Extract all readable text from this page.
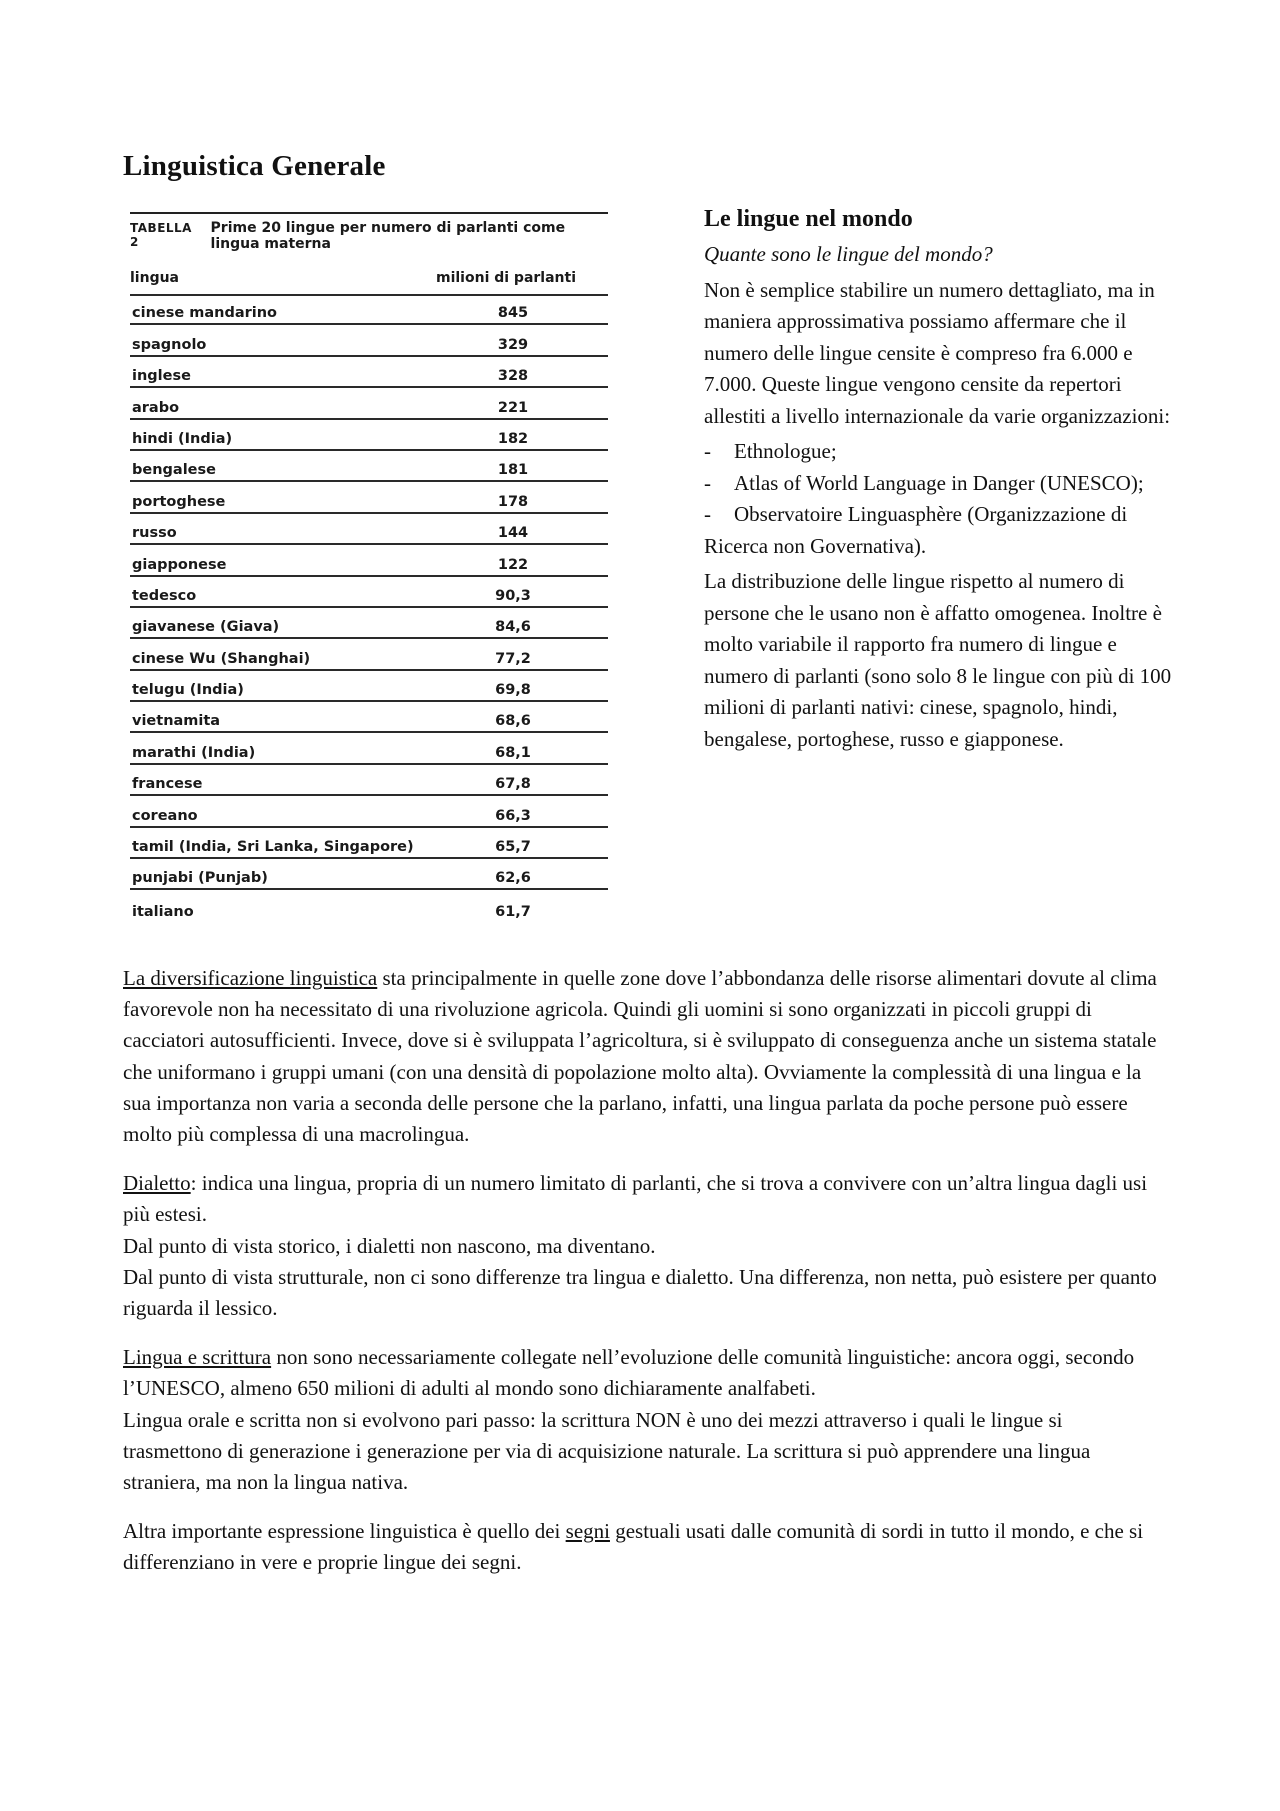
Linguistica Generale
TABELLA 2
Prime 20 lingue per numero di parlanti come lingua materna
lingua	milioni di parlanti
cinese mandarino	845
spagnolo	329
inglese	328
arabo	221
hindi (India)	182
bengalese	181
portoghese	178
russo	144
giapponese	122
tedesco	90,3
giavanese (Giava)	84,6
cinese Wu (Shanghai)	77,2
telugu (India)	69,8
vietnamita	68,6
marathi (India)	68,1
francese	67,8
coreano	66,3
tamil (India, Sri Lanka, Singapore)	65,7
punjabi (Punjab)	62,6
italiano	61,7
Le lingue nel mondo

Quante sono le lingue del mondo?

Non è semplice stabilire un numero dettagliato, ma in maniera approssimativa possiamo affermare che il numero delle lingue censite è compreso fra 6.000 e 7.000. Queste lingue vengono censite da repertori allestiti a livello internazionale da varie organizzazioni:

- Ethnologue;
- Atlas of World Language in Danger (UNESCO);
- Observatoire Linguasphère (Organizzazione di Ricerca non Governativa).

La distribuzione delle lingue rispetto al numero di persone che le usano non è affatto omogenea. Inoltre è molto variabile il rapporto fra numero di lingue e numero di parlanti (sono solo 8 le lingue con più di 100 milioni di parlanti nativi: cinese, spagnolo, hindi, bengalese, portoghese, russo e giapponese.

La diversificazione linguistica sta principalmente in quelle zone dove l’abbondanza delle risorse alimentari dovute al clima favorevole non ha necessitato di una rivoluzione agricola. Quindi gli uomini si sono organizzati in piccoli gruppi di cacciatori autosufficienti. Invece, dove si è sviluppata l’agricoltura, si è sviluppato di conseguenza anche un sistema statale che uniformano i gruppi umani (con una densità di popolazione molto alta). Ovviamente la complessità di una lingua e la sua importanza non varia a seconda delle persone che la parlano, infatti, una lingua parlata da poche persone può essere molto più complessa di una macrolingua.

Dialetto: indica una lingua, propria di un numero limitato di parlanti, che si trova a convivere con un’altra lingua dagli usi più estesi.

Dal punto di vista storico, i dialetti non nascono, ma diventano.

Dal punto di vista strutturale, non ci sono differenze tra lingua e dialetto. Una differenza, non netta, può esistere per quanto riguarda il lessico.

Lingua e scrittura non sono necessariamente collegate nell’evoluzione delle comunità linguistiche: ancora oggi, secondo l’UNESCO, almeno 650 milioni di adulti al mondo sono dichiaramente analfabeti.

Lingua orale e scritta non si evolvono pari passo: la scrittura NON è uno dei mezzi attraverso i quali le lingue si trasmettono di generazione i generazione per via di acquisizione naturale. La scrittura si può apprendere una lingua straniera, ma non la lingua nativa.

Altra importante espressione linguistica è quello dei segni gestuali usati dalle comunità di sordi in tutto il mondo, e che si differenziano in vere e proprie lingue dei segni.
